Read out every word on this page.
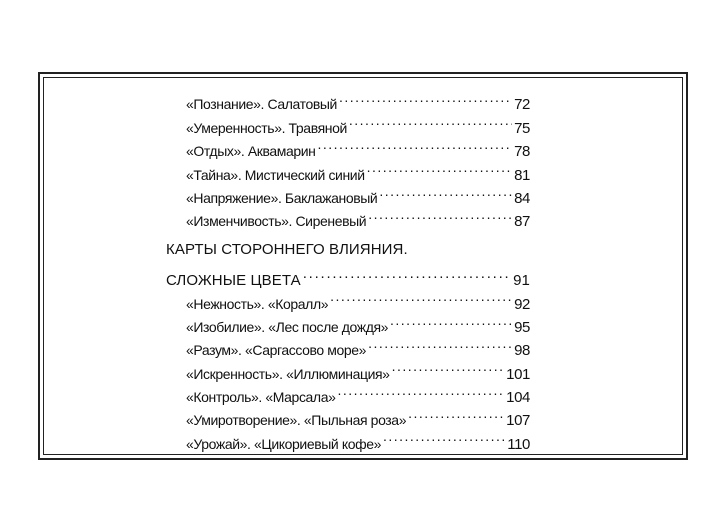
«Познание». Салатовый . . .	72
«Умеренность». Травяной . . .	75
«Отдых». Аквамарин . . .	78
«Тайна». Мистический синий . . .	81
«Напряжение». Баклажановый . . .	84
«Изменчивость». Сиреневый . . .	87
КАРТЫ СТОРОННЕГО ВЛИЯНИЯ.
СЛОЖНЫЕ ЦВЕТА . . .	91
«Нежность». «Коралл» . . .	92
«Изобилие». «Лес после дождя» . . .	95
«Разум». «Саргассово море» . . .	98
«Искренность». «Иллюминация» . . .	101
«Контроль». «Марсала» . . .	104
«Умиротворение». «Пыльная роза» . . .	107
«Урожай». «Цикориевый кофе» . . .	110
